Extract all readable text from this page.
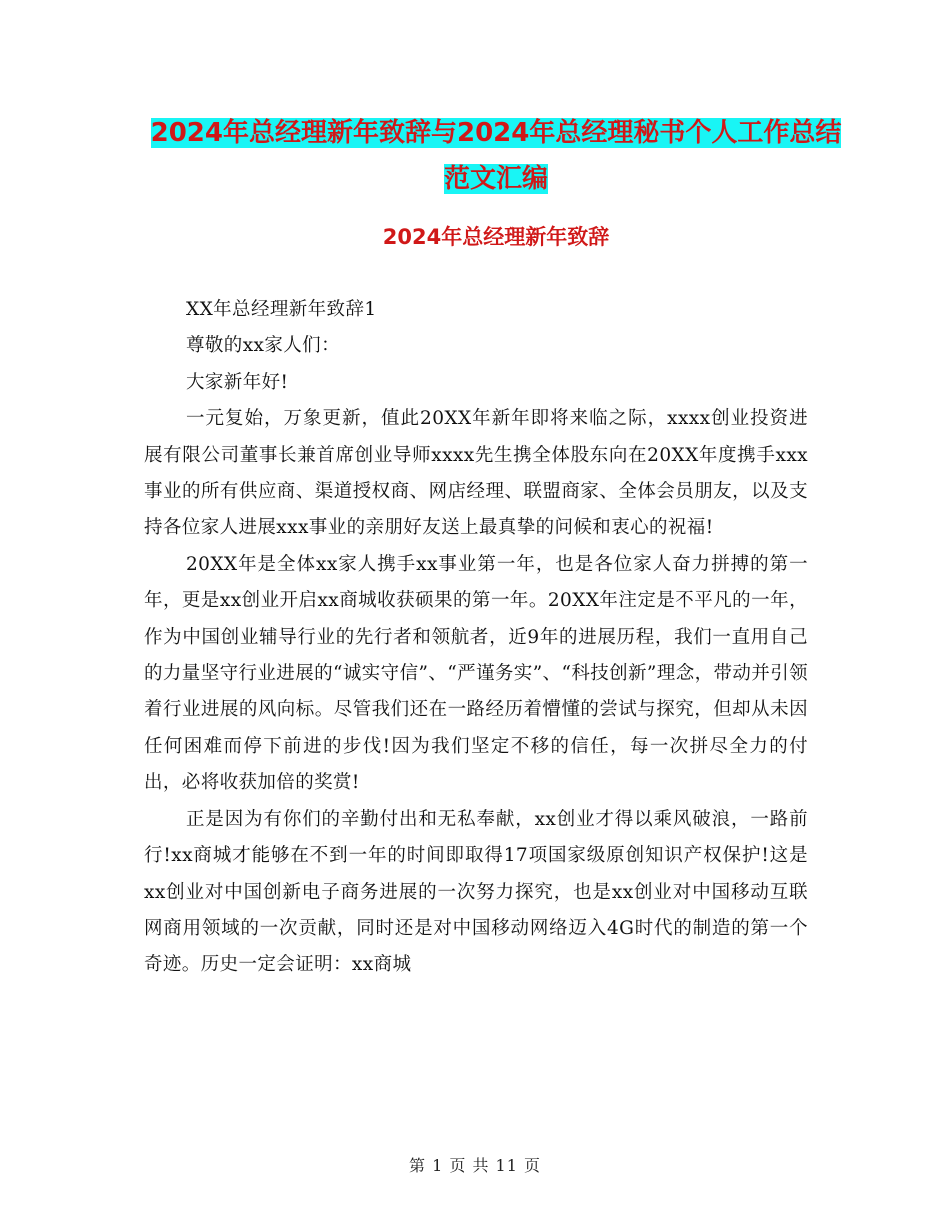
2024年总经理新年致辞与2024年总经理秘书个人工作总结范文汇编
2024年总经理新年致辞

XX年总经理新年致辞1

尊敬的xx家人们：

大家新年好!

一元复始，万象更新，值此20XX年新年即将来临之际，xxxx创业投资进展有限公司董事长兼首席创业导师xxxx先生携全体股东向在20XX年度携手xxx事业的所有供应商、渠道授权商、网店经理、联盟商家、全体会员朋友，以及支持各位家人进展xxx事业的亲朋好友送上最真挚的问候和衷心的祝福!

20XX年是全体xx家人携手xx事业第一年，也是各位家人奋力拼搏的第一年，更是xx创业开启xx商城收获硕果的第一年。20XX年注定是不平凡的一年，作为中国创业辅导行业的先行者和领航者，近9年的进展历程，我们一直用自己的力量坚守行业进展的“诚实守信”、“严谨务实”、“科技创新”理念，带动并引领着行业进展的风向标。尽管我们还在一路经历着懵懂的尝试与探究，但却从未因任何困难而停下前进的步伐!因为我们坚定不移的信任，每一次拼尽全力的付出，必将收获加倍的奖赏!

正是因为有你们的辛勤付出和无私奉献，xx创业才得以乘风破浪，一路前行!xx商城才能够在不到一年的时间即取得17项国家级原创知识产权保护!这是xx创业对中国创新电子商务进展的一次努力探究，也是xx创业对中国移动互联网商用领域的一次贡献，同时还是对中国移动网络迈入4G时代的制造的第一个奇迹。历史一定会证明：xx商城

第 1 页 共 11 页
